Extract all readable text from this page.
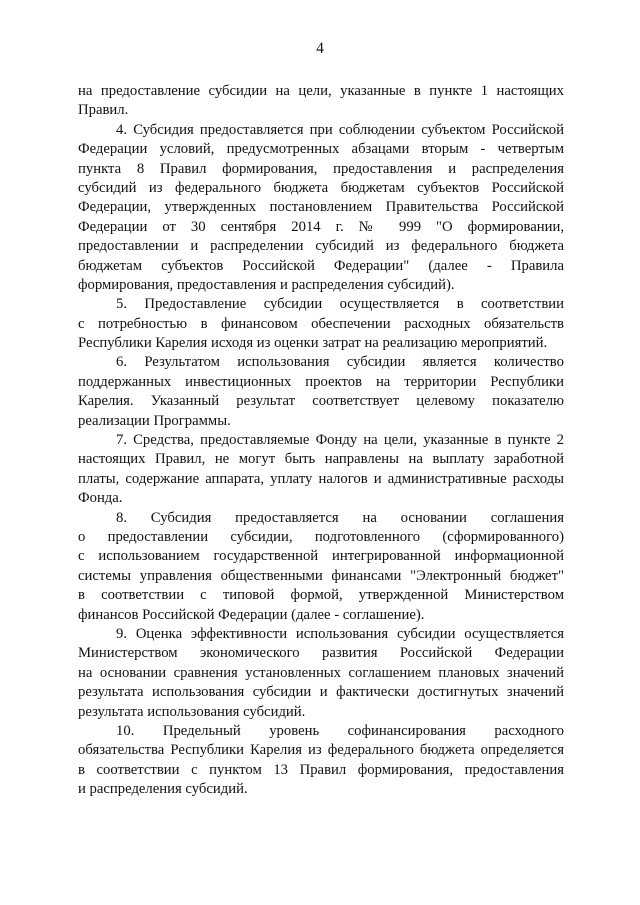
4
на предоставление субсидии на цели, указанные в пункте 1 настоящих
Правил.
4. Субсидия предоставляется при соблюдении субъектом Российской
Федерации условий, предусмотренных абзацами вторым - четвертым
пункта 8 Правил формирования, предоставления и распределения
субсидий из федерального бюджета бюджетам субъектов Российской
Федерации, утвержденных постановлением Правительства Российской
Федерации от 30 сентября 2014 г. № 999 "О формировании,
предоставлении и распределении субсидий из федерального бюджета
бюджетам субъектов Российской Федерации" (далее - Правила
формирования, предоставления и распределения субсидий).
5. Предоставление субсидии осуществляется в соответствии
с потребностью в финансовом обеспечении расходных обязательств
Республики Карелия исходя из оценки затрат на реализацию мероприятий.
6. Результатом использования субсидии является количество
поддержанных инвестиционных проектов на территории Республики
Карелия. Указанный результат соответствует целевому показателю
реализации Программы.
7. Средства, предоставляемые Фонду на цели, указанные в пункте 2
настоящих Правил, не могут быть направлены на выплату заработной
платы, содержание аппарата, уплату налогов и административные расходы
Фонда.
8. Субсидия предоставляется на основании соглашения
о предоставлении субсидии, подготовленного (сформированного)
с использованием государственной интегрированной информационной
системы управления общественными финансами "Электронный бюджет"
в соответствии с типовой формой, утвержденной Министерством
финансов Российской Федерации (далее - соглашение).
9. Оценка эффективности использования субсидии осуществляется
Министерством экономического развития Российской Федерации
на основании сравнения установленных соглашением плановых значений
результата использования субсидии и фактически достигнутых значений
результата использования субсидий.
10. Предельный уровень софинансирования расходного
обязательства Республики Карелия из федерального бюджета определяется
в соответствии с пунктом 13 Правил формирования, предоставления
и распределения субсидий.
